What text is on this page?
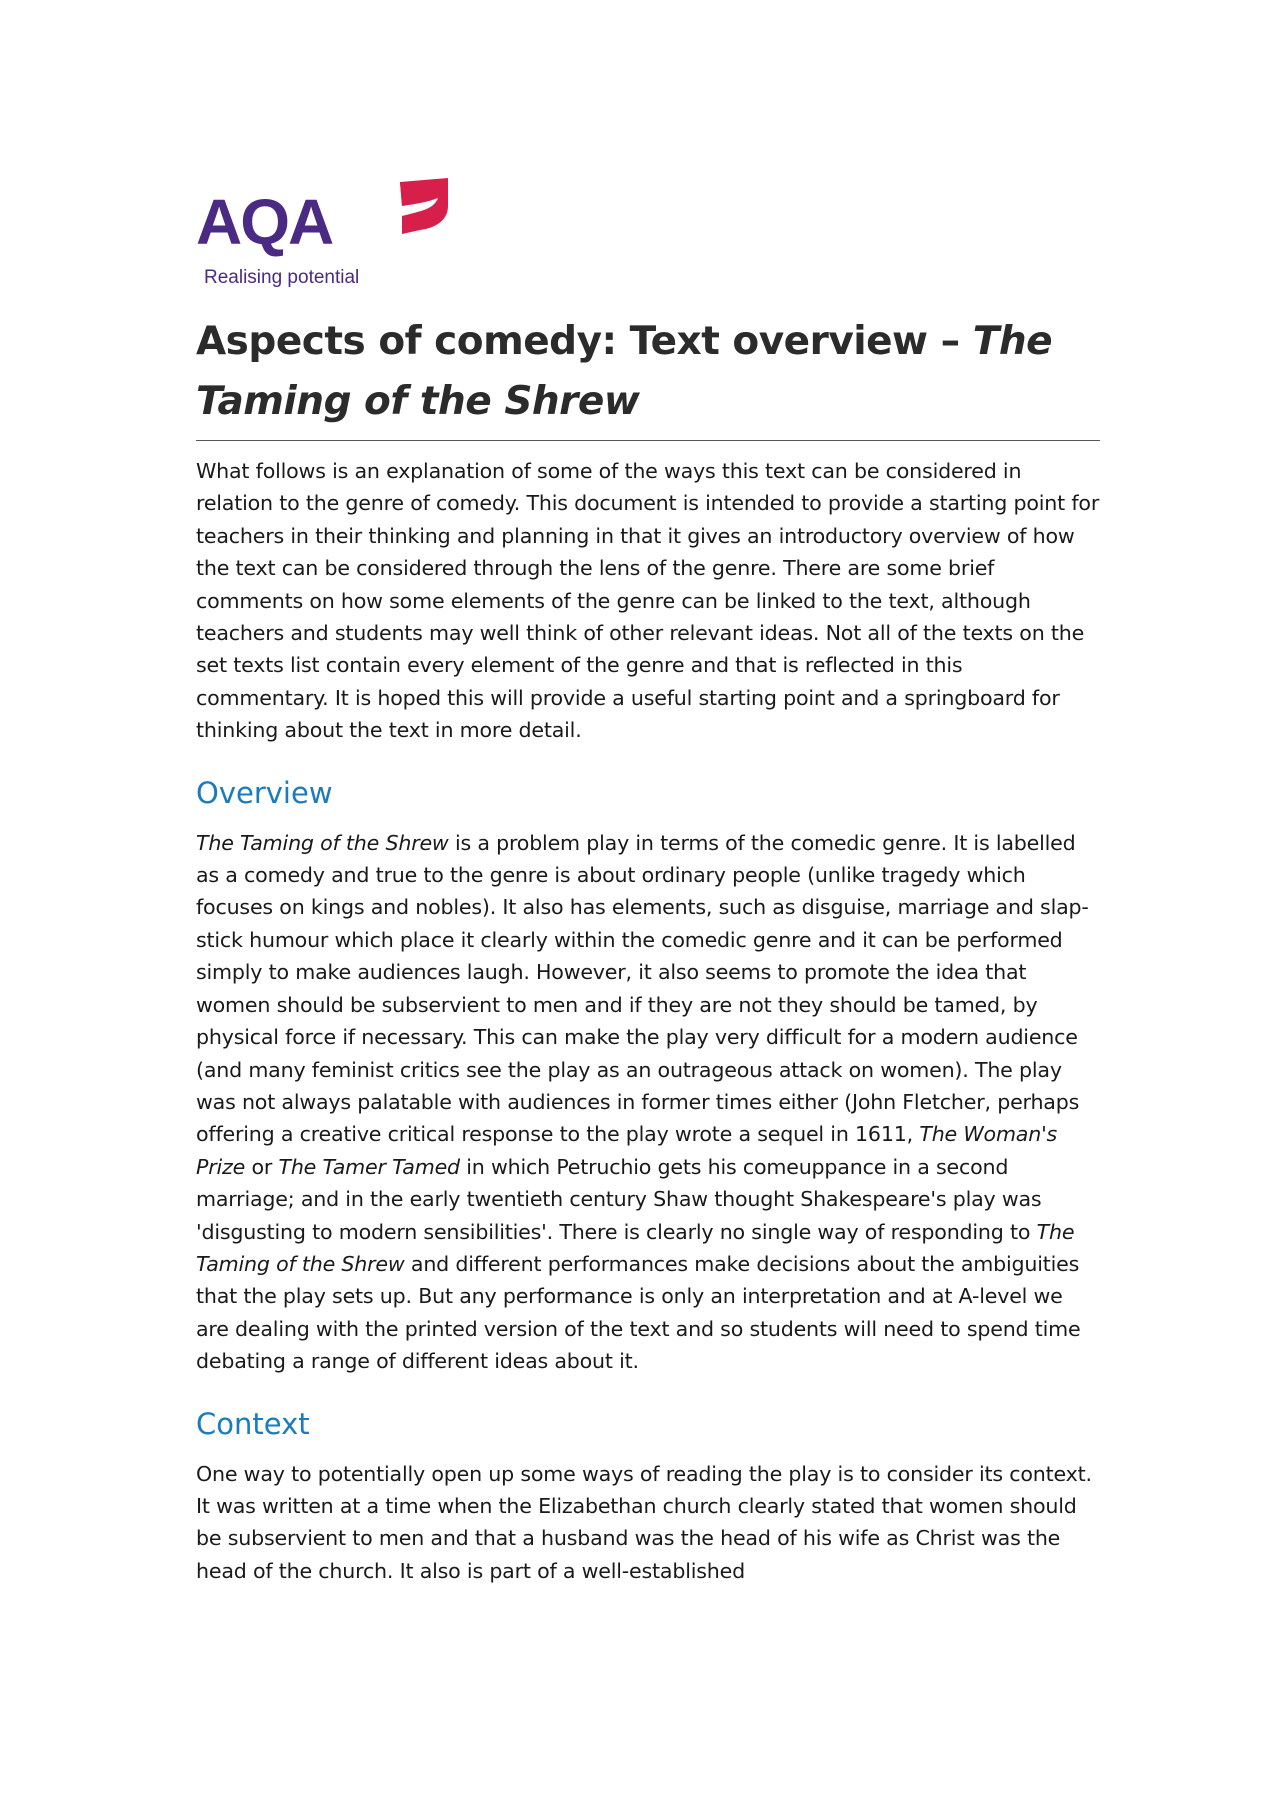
AQA
Realising potential
Aspects of comedy: Text overview – The Taming of the Shrew

What follows is an explanation of some of the ways this text can be considered in relation to the genre of comedy. This document is intended to provide a starting point for teachers in their thinking and planning in that it gives an introductory overview of how the text can be considered through the lens of the genre. There are some brief comments on how some elements of the genre can be linked to the text, although teachers and students may well think of other relevant ideas. Not all of the texts on the set texts list contain every element of the genre and that is reflected in this commentary. It is hoped this will provide a useful starting point and a springboard for thinking about the text in more detail.

Overview

The Taming of the Shrew is a problem play in terms of the comedic genre. It is labelled as a comedy and true to the genre is about ordinary people (unlike tragedy which focuses on kings and nobles). It also has elements, such as disguise, marriage and slap-stick humour which place it clearly within the comedic genre and it can be performed simply to make audiences laugh. However, it also seems to promote the idea that women should be subservient to men and if they are not they should be tamed, by physical force if necessary. This can make the play very difficult for a modern audience (and many feminist critics see the play as an outrageous attack on women). The play was not always palatable with audiences in former times either (John Fletcher, perhaps offering a creative critical response to the play wrote a sequel in 1611, The Woman's Prize or The Tamer Tamed in which Petruchio gets his comeuppance in a second marriage; and in the early twentieth century Shaw thought Shakespeare's play was 'disgusting to modern sensibilities'. There is clearly no single way of responding to The Taming of the Shrew and different performances make decisions about the ambiguities that the play sets up. But any performance is only an interpretation and at A-level we are dealing with the printed version of the text and so students will need to spend time debating a range of different ideas about it.

Context

One way to potentially open up some ways of reading the play is to consider its context. It was written at a time when the Elizabethan church clearly stated that women should be subservient to men and that a husband was the head of his wife as Christ was the head of the church. It also is part of a well-established
